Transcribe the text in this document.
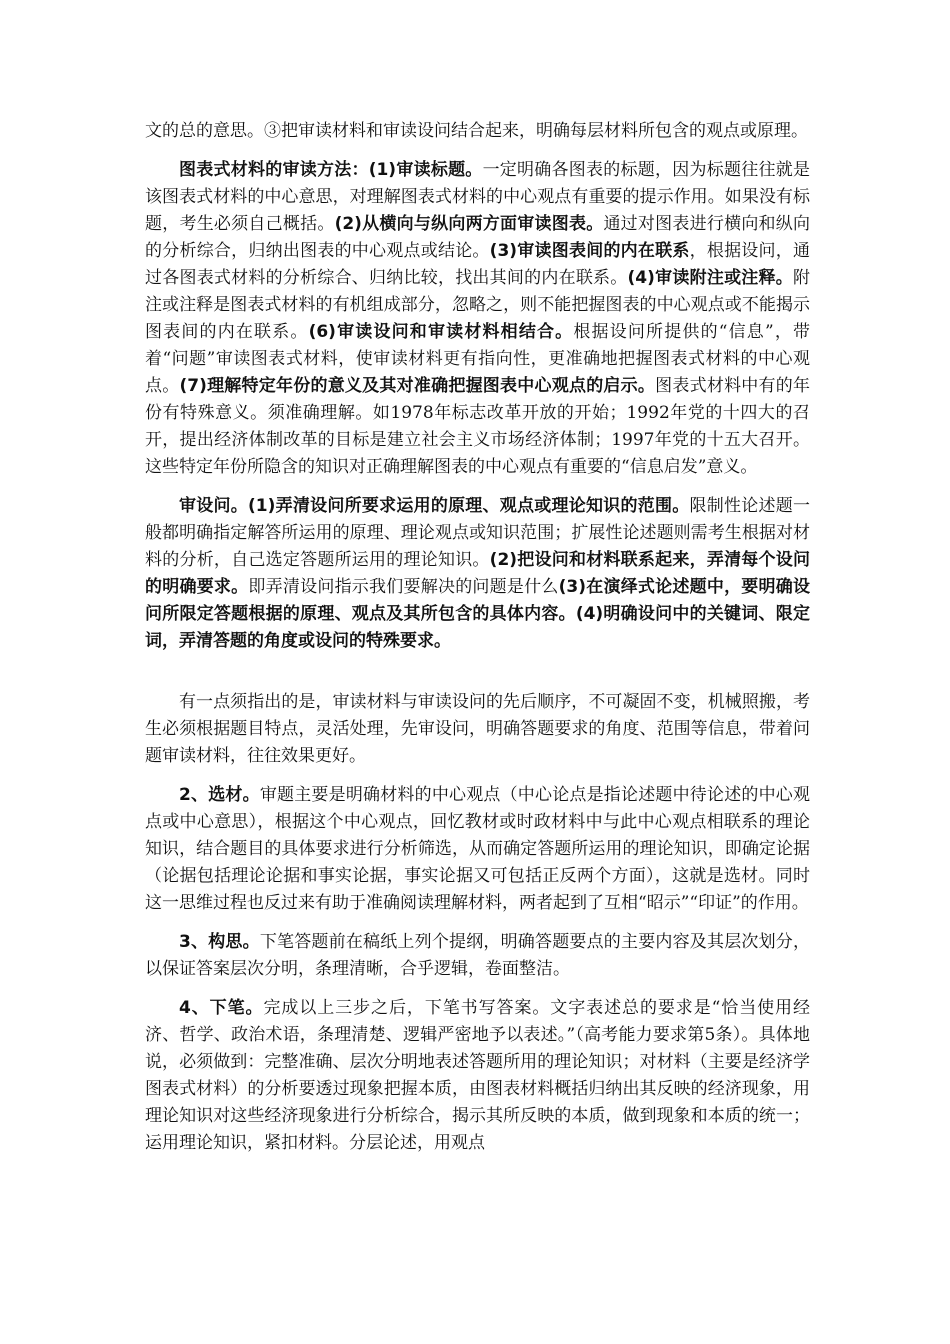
文的总的意思。③把审读材料和审读设问结合起来，明确每层材料所包含的观点或原理。

图表式材料的审读方法：(1)审读标题。一定明确各图表的标题，因为标题往往就是该图表式材料的中心意思，对理解图表式材料的中心观点有重要的提示作用。如果没有标题，考生必须自己概括。(2)从横向与纵向两方面审读图表。通过对图表进行横向和纵向的分析综合，归纳出图表的中心观点或结论。(3)审读图表间的内在联系，根据设问，通过各图表式材料的分析综合、归纳比较，找出其间的内在联系。(4)审读附注或注释。附注或注释是图表式材料的有机组成部分，忽略之，则不能把握图表的中心观点或不能揭示图表间的内在联系。(6)审读设问和审读材料相结合。根据设问所提供的“信息”，带着“问题”审读图表式材料，使审读材料更有指向性，更准确地把握图表式材料的中心观点。(7)理解特定年份的意义及其对准确把握图表中心观点的启示。图表式材料中有的年份有特殊意义。须准确理解。如1978年标志改革开放的开始；1992年党的十四大的召开，提出经济体制改革的目标是建立社会主义市场经济体制；1997年党的十五大召开。这些特定年份所隐含的知识对正确理解图表的中心观点有重要的“信息启发”意义。

审设问。(1)弄清设问所要求运用的原理、观点或理论知识的范围。限制性论述题一般都明确指定解答所运用的原理、理论观点或知识范围；扩展性论述题则需考生根据对材料的分析，自己选定答题所运用的理论知识。(2)把设问和材料联系起来，弄清每个设问的明确要求。即弄清设问指示我们要解决的问题是什么(3)在演绎式论述题中，要明确设问所限定答题根据的原理、观点及其所包含的具体内容。(4)明确设问中的关键词、限定词，弄清答题的角度或设问的特殊要求。

有一点须指出的是，审读材料与审读设问的先后顺序，不可凝固不变，机械照搬，考生必须根据题目特点，灵活处理，先审设问，明确答题要求的角度、范围等信息，带着问题审读材料，往往效果更好。

2、选材。审题主要是明确材料的中心观点（中心论点是指论述题中待论述的中心观点或中心意思），根据这个中心观点，回忆教材或时政材料中与此中心观点相联系的理论知识，结合题目的具体要求进行分析筛选，从而确定答题所运用的理论知识，即确定论据（论据包括理论论据和事实论据，事实论据又可包括正反两个方面），这就是选材。同时这一思维过程也反过来有助于准确阅读理解材料，两者起到了互相“昭示”“印证”的作用。

3、构思。下笔答题前在稿纸上列个提纲，明确答题要点的主要内容及其层次划分，以保证答案层次分明，条理清晰，合乎逻辑，卷面整洁。

4、下笔。完成以上三步之后，下笔书写答案。文字表述总的要求是“恰当使用经济、哲学、政治术语，条理清楚、逻辑严密地予以表述。”（高考能力要求第5条）。具体地说，必须做到：完整准确、层次分明地表述答题所用的理论知识；对材料（主要是经济学图表式材料）的分析要透过现象把握本质，由图表材料概括归纳出其反映的经济现象，用理论知识对这些经济现象进行分析综合，揭示其所反映的本质，做到现象和本质的统一；运用理论知识，紧扣材料。分层论述，用观点
